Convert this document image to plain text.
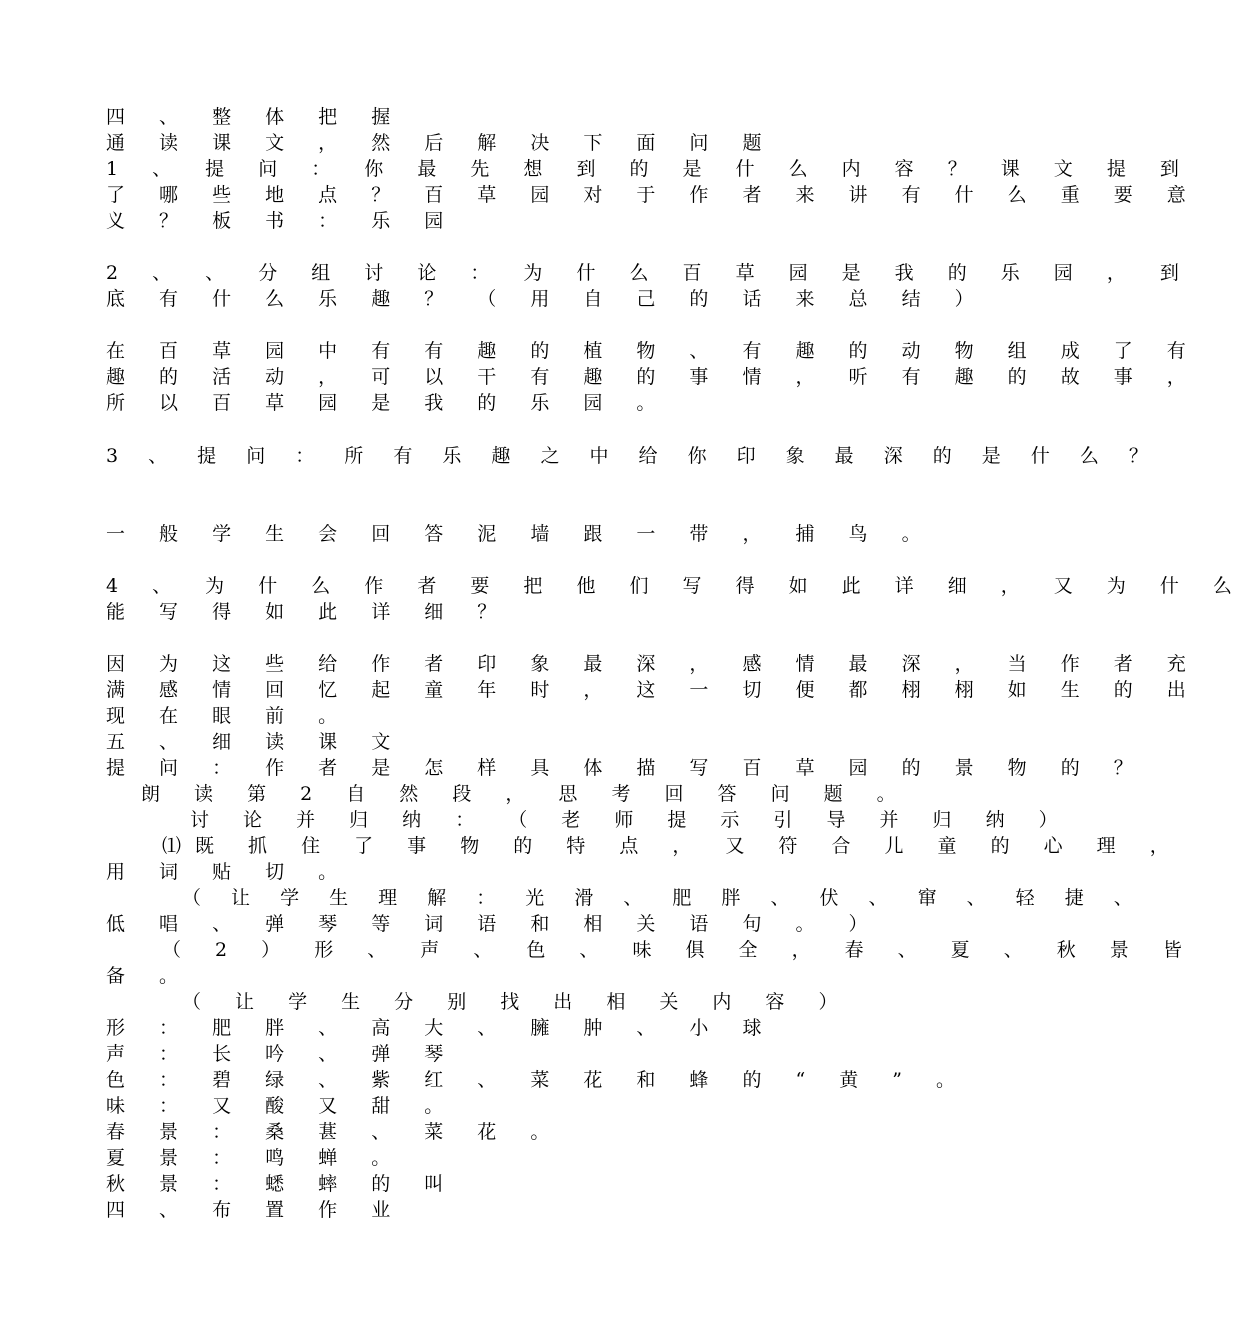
四 、 整 体 把 握
通 读 课 文 ， 然 后 解 决 下 面 问 题
1 、 提 问 ： 你 最 先 想 到 的 是 什 么 内 容 ？ 课 文 提 到
了 哪 些 地 点 ？ 百 草 园 对 于 作 者 来 讲 有 什 么 重 要 意
义 ？ 板 书 ： 乐 园
2 、 、 分 组 讨 论 ： 为 什 么 百 草 园 是 我 的 乐 园 ， 到
底 有 什 么 乐 趣 ？ （ 用 自 己 的 话 来 总 结 ）
在 百 草 园 中 有 有 趣 的 植 物 、 有 趣 的 动 物 组 成 了 有
趣 的 活 动 ， 可 以 干 有 趣 的 事 情 ， 听 有 趣 的 故 事 ，
所 以 百 草 园 是 我 的 乐 园 。
3 、 提 问 ： 所 有 乐 趣 之 中 给 你 印 象 最 深 的 是 什 么 ？
一 般 学 生 会 回 答 泥 墙 跟 一 带 ， 捕 鸟 。
4 、 为 什 么 作 者 要 把 他 们 写 得 如 此 详 细 ， 又 为 什 么
能 写 得 如 此 详 细 ？
因 为 这 些 给 作 者 印 象 最 深 ， 感 情 最 深 ， 当 作 者 充
满 感 情 回 忆 起 童 年 时 ， 这 一 切 便 都 栩 栩 如 生 的 出
现 在 眼 前 。
五 、 细 读 课 文
提 问 ： 作 者 是 怎 样 具 体 描 写 百 草 园 的 景 物 的 ？
朗 读 第 2 自 然 段 ， 思 考 回 答 问 题 。
讨 论 并 归 纳 ： （ 老 师 提 示 引 导 并 归 纳 ）
⑴既 抓 住 了 事 物 的 特 点 ， 又 符 合 儿 童 的 心 理 ，
用 词 贴 切 。
（ 让 学 生 理 解 ： 光 滑 、 肥 胖 、 伏 、 窜 、 轻 捷 、
低 唱 、 弹 琴 等 词 语 和 相 关 语 句 。 ）
（ 2 ） 形 、 声 、 色 、 味 俱 全 ， 春 、 夏 、 秋 景 皆
备 。
（ 让 学 生 分 别 找 出 相 关 内 容 ）
形 ： 肥 胖 、 高 大 、 臃 肿 、 小 球
声 ： 长 吟 、 弹 琴
色 ： 碧 绿 、 紫 红 、 菜 花 和 蜂 的 “ 黄 ” 。
味 ： 又 酸 又 甜 。
春 景 ： 桑 葚 、 菜 花 。
夏 景 ： 鸣 蝉 。
秋 景 ： 蟋 蟀 的 叫
四 、 布 置 作 业
